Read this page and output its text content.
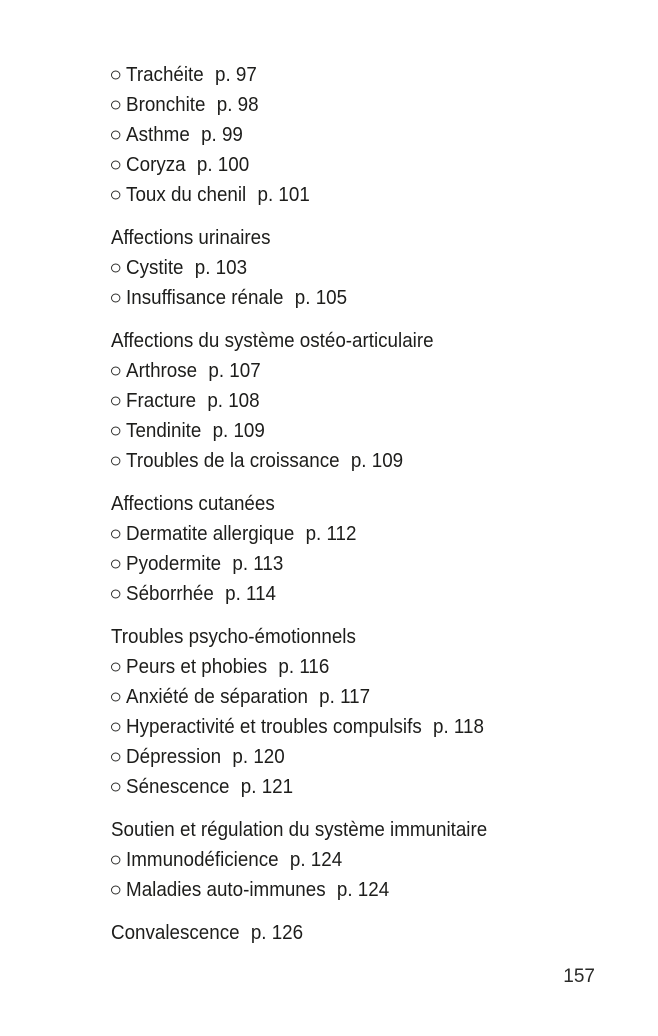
Trachéite p. 97
Bronchite p. 98
Asthme p. 99
Coryza p. 100
Toux du chenil p. 101
Affections urinaires
Cystite p. 103
Insuffisance rénale p. 105
Affections du système ostéo-articulaire
Arthrose p. 107
Fracture p. 108
Tendinite p. 109
Troubles de la croissance p. 109
Affections cutanées
Dermatite allergique p. 112
Pyodermite p. 113
Séborrhée p. 114
Troubles psycho-émotionnels
Peurs et phobies p. 116
Anxiété de séparation p. 117
Hyperactivité et troubles compulsifs p. 118
Dépression p. 120
Sénescence p. 121
Soutien et régulation du système immunitaire
Immunodéficience p. 124
Maladies auto-immunes p. 124
Convalescence p. 126
157
